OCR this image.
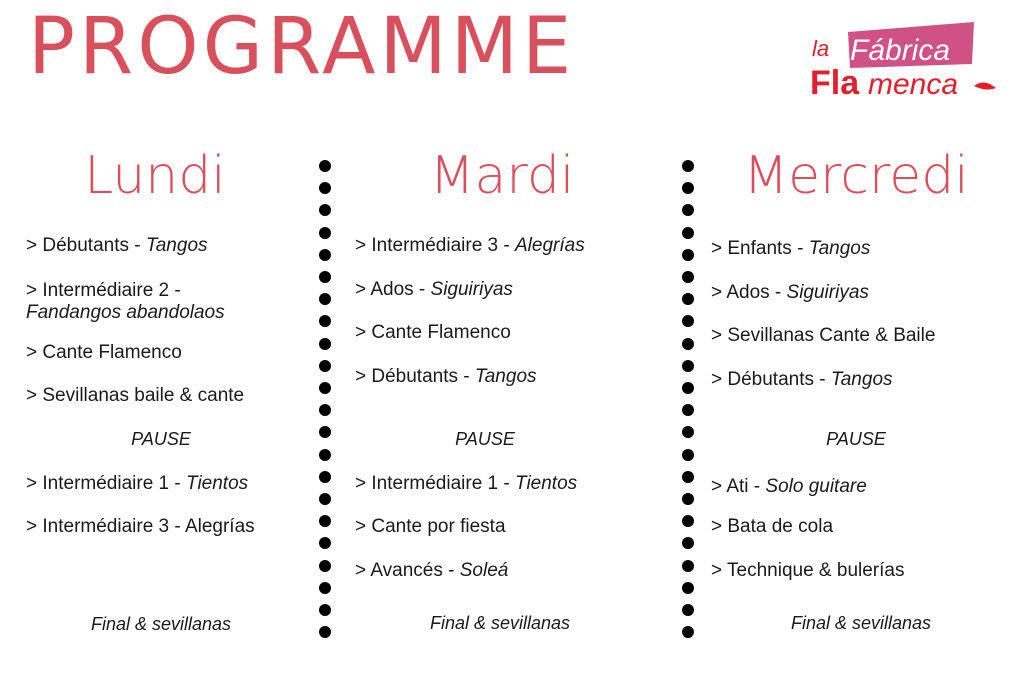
PROGRAMME	la Fábrica
Fla menca
Lundi
> Débutants - Tangos
> Intermédiaire 2 -
Fandangos abandolaos
> Cante Flamenco
> Sevillanas baile & cante
PAUSE
> Intermédiaire 1 - Tientos
> Intermédiaire 3 - Alegrías
Final & sevillanas
Mardi
> Intermédiaire 3 - Alegrías
> Ados - Siguiriyas
> Cante Flamenco
> Débutants - Tangos
PAUSE
> Intermédiaire 1 - Tientos
> Cante por fiesta
> Avancés - Soleá
Final & sevillanas
Mercredi
> Enfants - Tangos
> Ados - Siguiriyas
> Sevillanas Cante & Baile
> Débutants - Tangos
PAUSE
> Ati - Solo guitare
> Bata de cola
> Technique & bulerías
Final & sevillanas
